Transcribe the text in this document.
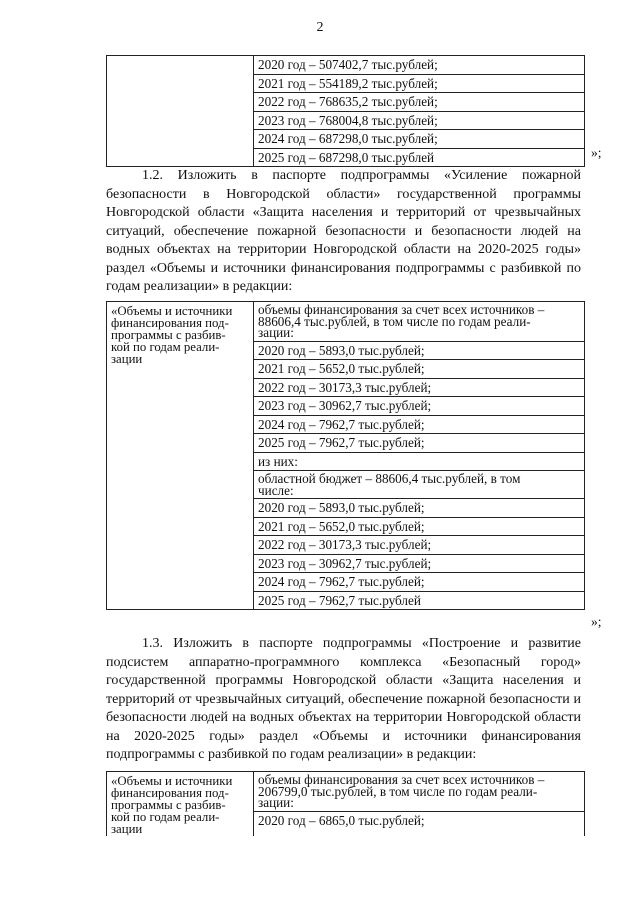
2

2020 год – 507402,7 тыс.рублей;
2021 год – 554189,2 тыс.рублей;
2022 год – 768635,2 тыс.рублей;
2023 год – 768004,8 тыс.рублей;
2024 год – 687298,0 тыс.рублей;
2025 год – 687298,0 тыс.рублей	»;

1.2. Изложить в паспорте подпрограммы «Усиление пожарной безопасности в Новгородской области» государственной программы Новгородской области «Защита населения и территорий от чрезвычайных ситуаций, обеспечение пожарной безопасности и безопасности людей на водных объектах на территории Новгородской области на 2020-2025 годы» раздел «Объемы и источники финансирования подпрограммы с разбивкой по годам реализации» в редакции:

«Объемы и источники
финансирования под-
программы с разбив-
кой по годам реали-
зации

объемы финансирования за счет всех источников –
88606,4 тыс.рублей, в том числе по годам реали-
зации:
2020 год – 5893,0 тыс.рублей;
2021 год – 5652,0 тыс.рублей;
2022 год – 30173,3 тыс.рублей;
2023 год – 30962,7 тыс.рублей;
2024 год – 7962,7 тыс.рублей;
2025 год – 7962,7 тыс.рублей;
из них:
областной бюджет – 88606,4 тыс.рублей, в том
числе:
2020 год – 5893,0 тыс.рублей;
2021 год – 5652,0 тыс.рублей;
2022 год – 30173,3 тыс.рублей;
2023 год – 30962,7 тыс.рублей;
2024 год – 7962,7 тыс.рублей;
2025 год – 7962,7 тыс.рублей
»;

1.3. Изложить в паспорте подпрограммы «Построение и развитие подсистем аппаратно-программного комплекса «Безопасный город» государственной программы Новгородской области «Защита населения и территорий от чрезвычайных ситуаций, обеспечение пожарной безопасности и безопасности людей на водных объектах на территории Новгородской области на 2020-2025 годы» раздел «Объемы и источники финансирования подпрограммы с разбивкой по годам реализации» в редакции:

«Объемы и источники
финансирования под-
программы с разбив-
кой по годам реали-
зации

объемы финансирования за счет всех источников –
206799,0 тыс.рублей, в том числе по годам реали-
зации:
2020 год – 6865,0 тыс.рублей;
